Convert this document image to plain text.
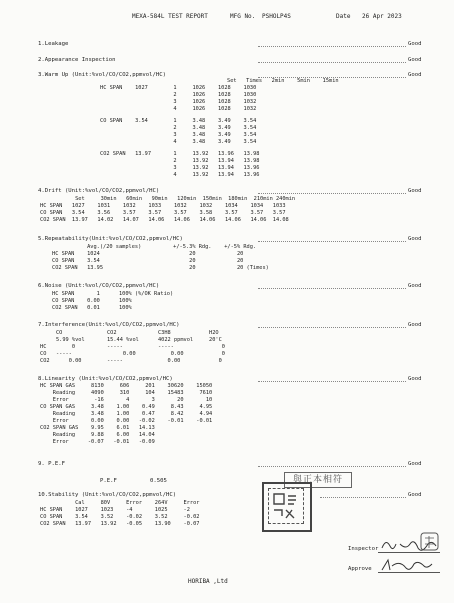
MEXA-584L TEST REPORT	MFG No. PSHOLP4S	Date 26 Apr 2023
1.Leakage	Good
2.Appearance Inspection	Good
3.Warm Up (Unit:%vol/CO/CO2,ppmvol/HC)	Good
Set   Times   2min    5min    15min
HC SPAN    1027        1     1026    1028    1030
2     1026    1028    1030
3     1026    1028    1032
4     1026    1028    1032
CO SPAN    3.54        1     3.48    3.49    3.54
2     3.48    3.49    3.54
3     3.48    3.49    3.54
4     3.48    3.49    3.54
CO2 SPAN   13.97       1     13.92   13.96   13.98
2     13.92   13.94   13.98
3     13.92   13.94   13.96
4     13.92   13.94   13.96
4.Drift (Unit:%vol/CO/CO2,ppmvol/HC)	Good
Set     30min   60min   90min   120min  150min  180min  210min 240min
HC SPAN   1027    1031    1032    1033    1032    1032    1034    1034   1033
CO SPAN   3.54    3.56    3.57    3.57    3.57    3.58    3.57    3.57   3.57
CO2 SPAN  13.97   14.02   14.07   14.06   14.06   14.06   14.06   14.06  14.08
5.Repeatability(Unit:%vol/CO/CO2,ppmvol/HC)	Good
Avg.(/20 samples)          +/-5.3% Rdg.    +/-5% Rdg.
HC SPAN    1024                            20             20
CO SPAN    3.54                            20             20
CO2 SPAN   13.95                           20             20 (Times)
6.Noise (Unit:%vol/CO/CO2,ppmvol/HC)	Good
HC SPAN       1      100% (%/OK Ratio)
CO SPAN    0.00      100%
CO2 SPAN   0.01      100%
7.Interference(Unit:%vol/CO/CO2,ppmvol/HC)	Good
CO              CO2             C3H8            H2O
5.99 %vol       15.44 %vol      4022 ppmvol     20'C
HC        0          -----           -----               0
CO   -----                0.00           0.00            0
CO2      0.00        -----              0.00            0
8.Linearity (Unit:%vol/CO/CO2,ppmvol/HC)	Good
HC SPAN GAS     8130     606     201    30620    15050
Reading     4090     310     104    15483     7610
Error        -16       4       3       20       10
CO SPAN GAS     3.48    1.00    0.49     8.43     4.95
Reading     3.48    1.00    0.47     8.42     4.94
Error       0.00    0.00   -0.02    -0.01    -0.01
CO2 SPAN GAS    9.95    6.01   14.13
Reading     9.88    6.00   14.04
Error      -0.07   -0.01   -0.09
9. P.E.F	Good
P.E.F	0.505	與正本相符
10.Stability (Unit:%vol/CO/CO2,ppmvol/HC)	Good
Cal     80V     Error    264V     Error
HC SPAN    1027    1023    -4       1025     -2
CO SPAN    3.54    3.52    -0.02    3.52     -0.02
CO2 SPAN   13.97   13.92   -0.05    13.90    -0.07
Inspector
Approve
HORIBA ,Ltd
